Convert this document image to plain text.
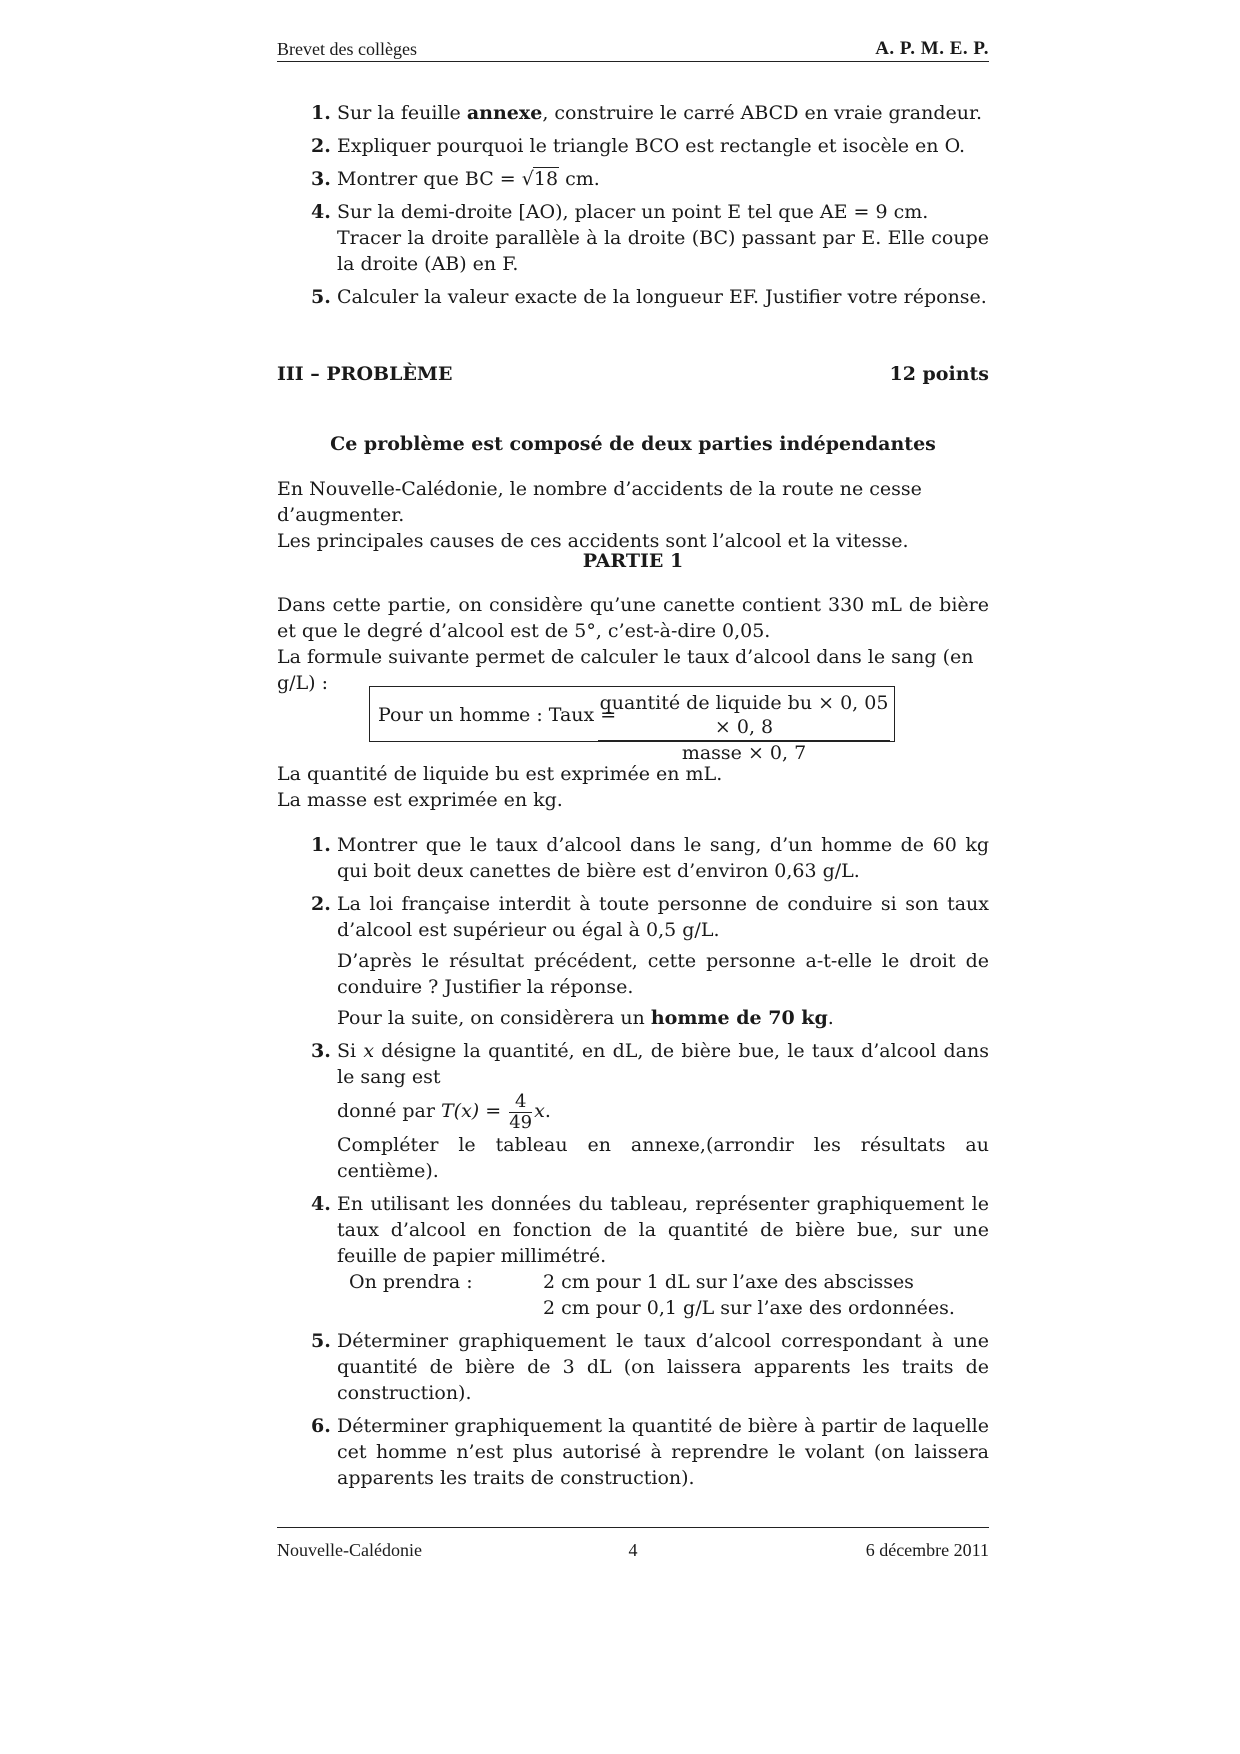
Brevet des collèges	A. P. M. E. P.
1. Sur la feuille annexe, construire le carré ABCD en vraie grandeur.
2. Expliquer pourquoi le triangle BCO est rectangle et isocèle en O.
3. Montrer que BC = √18 cm.
4. Sur la demi-droite [AO), placer un point E tel que AE = 9 cm.
Tracer la droite parallèle à la droite (BC) passant par E. Elle coupe la droite (AB) en F.
5. Calculer la valeur exacte de la longueur EF. Justifier votre réponse.
III – PROBLÈME	12 points
Ce problème est composé de deux parties indépendantes
En Nouvelle-Calédonie, le nombre d’accidents de la route ne cesse d’augmenter.
Les principales causes de ces accidents sont l’alcool et la vitesse.
PARTIE 1
Dans cette partie, on considère qu’une canette contient 330 mL de bière et que le degré d’alcool est de 5°, c’est-à-dire 0,05.
La formule suivante permet de calculer le taux d’alcool dans le sang (en g/L) :
Pour un homme : Taux =
quantité de liquide bu × 0, 05 × 0, 8
masse × 0, 7
La quantité de liquide bu est exprimée en mL.
La masse est exprimée en kg.
1. Montrer que le taux d’alcool dans le sang, d’un homme de 60 kg qui boit deux canettes de bière est d’environ 0,63 g/L.
2. La loi française interdit à toute personne de conduire si son taux d’alcool est supérieur ou égal à 0,5 g/L.
D’après le résultat précédent, cette personne a-t-elle le droit de conduire ? Justifier la réponse.
Pour la suite, on considèrera un homme de 70 kg.
3. Si x désigne la quantité, en dL, de bière bue, le taux d’alcool dans le sang est
donné par $T(x) = \frac{4}{49} x$.
Compléter le tableau en annexe,(arrondir les résultats au centième).
4. En utilisant les données du tableau, représenter graphiquement le taux d’alcool en fonction de la quantité de bière bue, sur une feuille de papier millimétré.
On prendra :	2 cm pour 1 dL sur l’axe des abscisses
2 cm pour 0,1 g/L sur l’axe des ordonnées.
5. Déterminer graphiquement le taux d’alcool correspondant à une quantité de bière de 3 dL (on laissera apparents les traits de construction).
6. Déterminer graphiquement la quantité de bière à partir de laquelle cet homme n’est plus autorisé à reprendre le volant (on laissera apparents les traits de construction).
Nouvelle-Calédonie	4	6 décembre 2011
